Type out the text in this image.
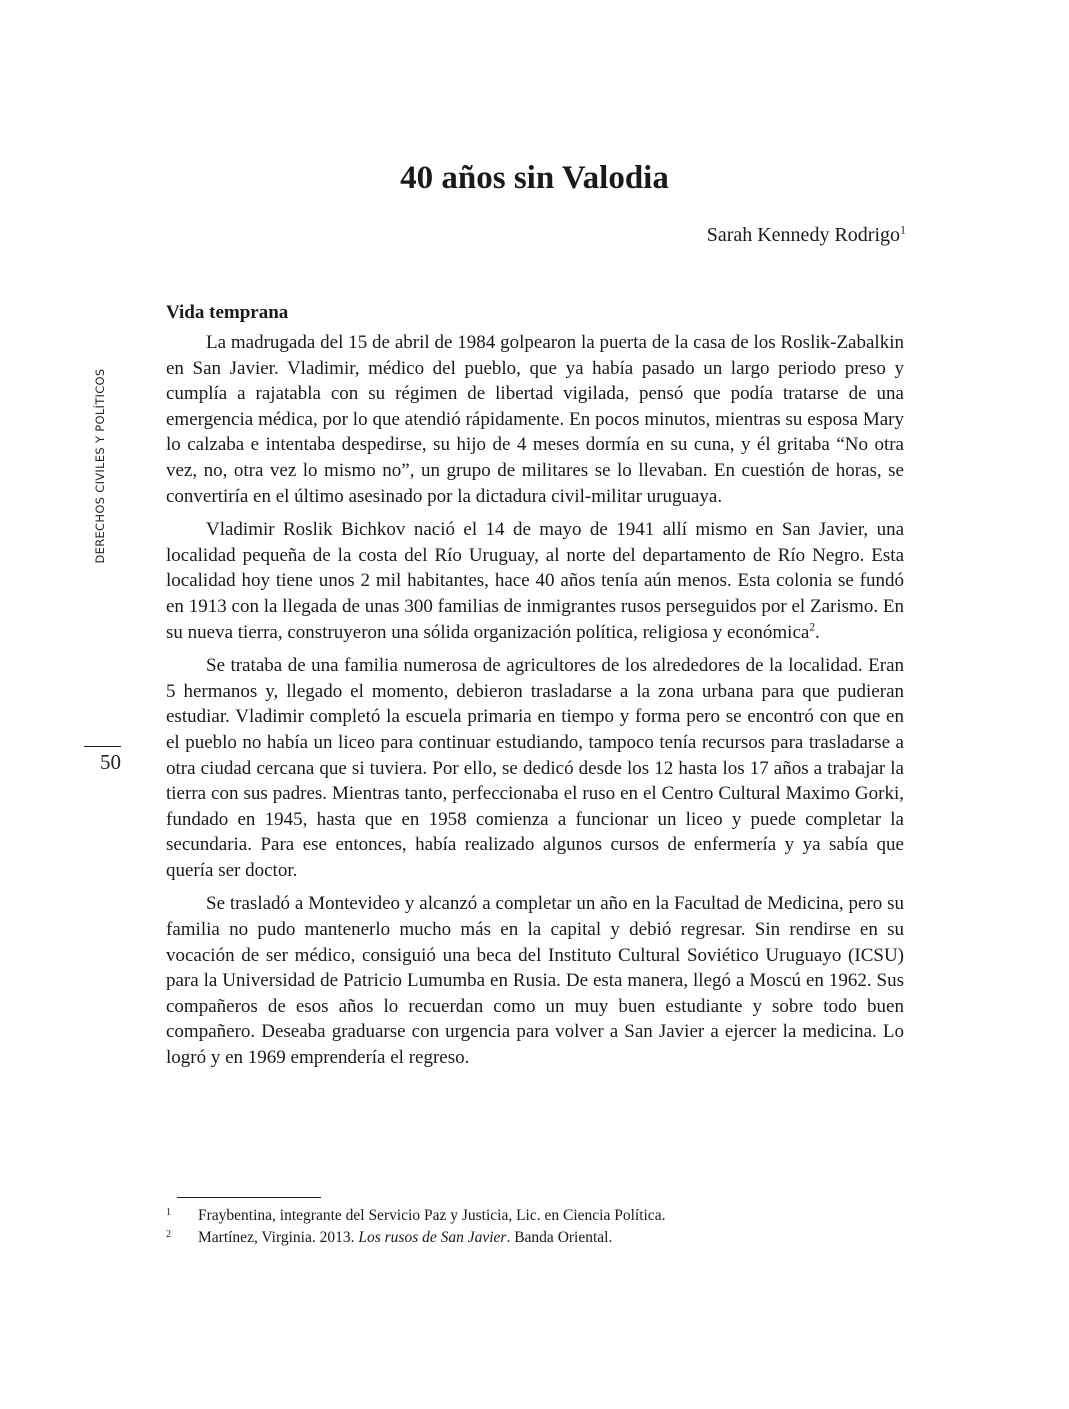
DERECHOS CIVILES Y POLÍTICOS
50
40 años sin Valodia
Sarah Kennedy Rodrigo$^1$
Vida temprana

La madrugada del 15 de abril de 1984 golpearon la puerta de la casa de los Roslik-Zabalkin en San Javier. Vladimir, médico del pueblo, que ya había pasado un largo periodo preso y cumplía a rajatabla con su régimen de libertad vigilada, pensó que podía tratarse de una emergencia médica, por lo que atendió rápidamente. En pocos minutos, mientras su esposa Mary lo calzaba e intentaba despedirse, su hijo de 4 meses dormía en su cuna, y él gritaba “No otra vez, no, otra vez lo mismo no”, un grupo de militares se lo llevaban. En cuestión de horas, se convertiría en el último asesinado por la dictadura civil-militar uruguaya.

Vladimir Roslik Bichkov nació el 14 de mayo de 1941 allí mismo en San Javier, una localidad pequeña de la costa del Río Uruguay, al norte del departamento de Río Negro. Esta localidad hoy tiene unos 2 mil habitantes, hace 40 años tenía aún menos. Esta colonia se fundó en 1913 con la llegada de unas 300 familias de inmigrantes rusos perseguidos por el Zarismo. En su nueva tierra, construyeron una sólida organización política, religiosa y económica$^2$.

Se trataba de una familia numerosa de agricultores de los alrededores de la localidad. Eran 5 hermanos y, llegado el momento, debieron trasladarse a la zona urbana para que pudieran estudiar. Vladimir completó la escuela primaria en tiempo y forma pero se encontró con que en el pueblo no había un liceo para continuar estudiando, tampoco tenía recursos para trasladarse a otra ciudad cercana que si tuviera. Por ello, se dedicó desde los 12 hasta los 17 años a trabajar la tierra con sus padres. Mientras tanto, perfeccionaba el ruso en el Centro Cultural Maximo Gorki, fundado en 1945, hasta que en 1958 comienza a funcionar un liceo y puede completar la secundaria. Para ese entonces, había realizado algunos cursos de enfermería y ya sabía que quería ser doctor.

Se trasladó a Montevideo y alcanzó a completar un año en la Facultad de Medicina, pero su familia no pudo mantenerlo mucho más en la capital y debió regresar. Sin rendirse en su vocación de ser médico, consiguió una beca del Instituto Cultural Soviético Uruguayo (ICSU) para la Universidad de Patricio Lumumba en Rusia. De esta manera, llegó a Moscú en 1962. Sus compañeros de esos años lo recuerdan como un muy buen estudiante y sobre todo buen compañero. Deseaba graduarse con urgencia para volver a San Javier a ejercer la medicina. Lo logró y en 1969 emprendería el regreso.

1 Fraybentina, integrante del Servicio Paz y Justicia, Lic. en Ciencia Política.
2 Martínez, Virginia. 2013. Los rusos de San Javier. Banda Oriental.
